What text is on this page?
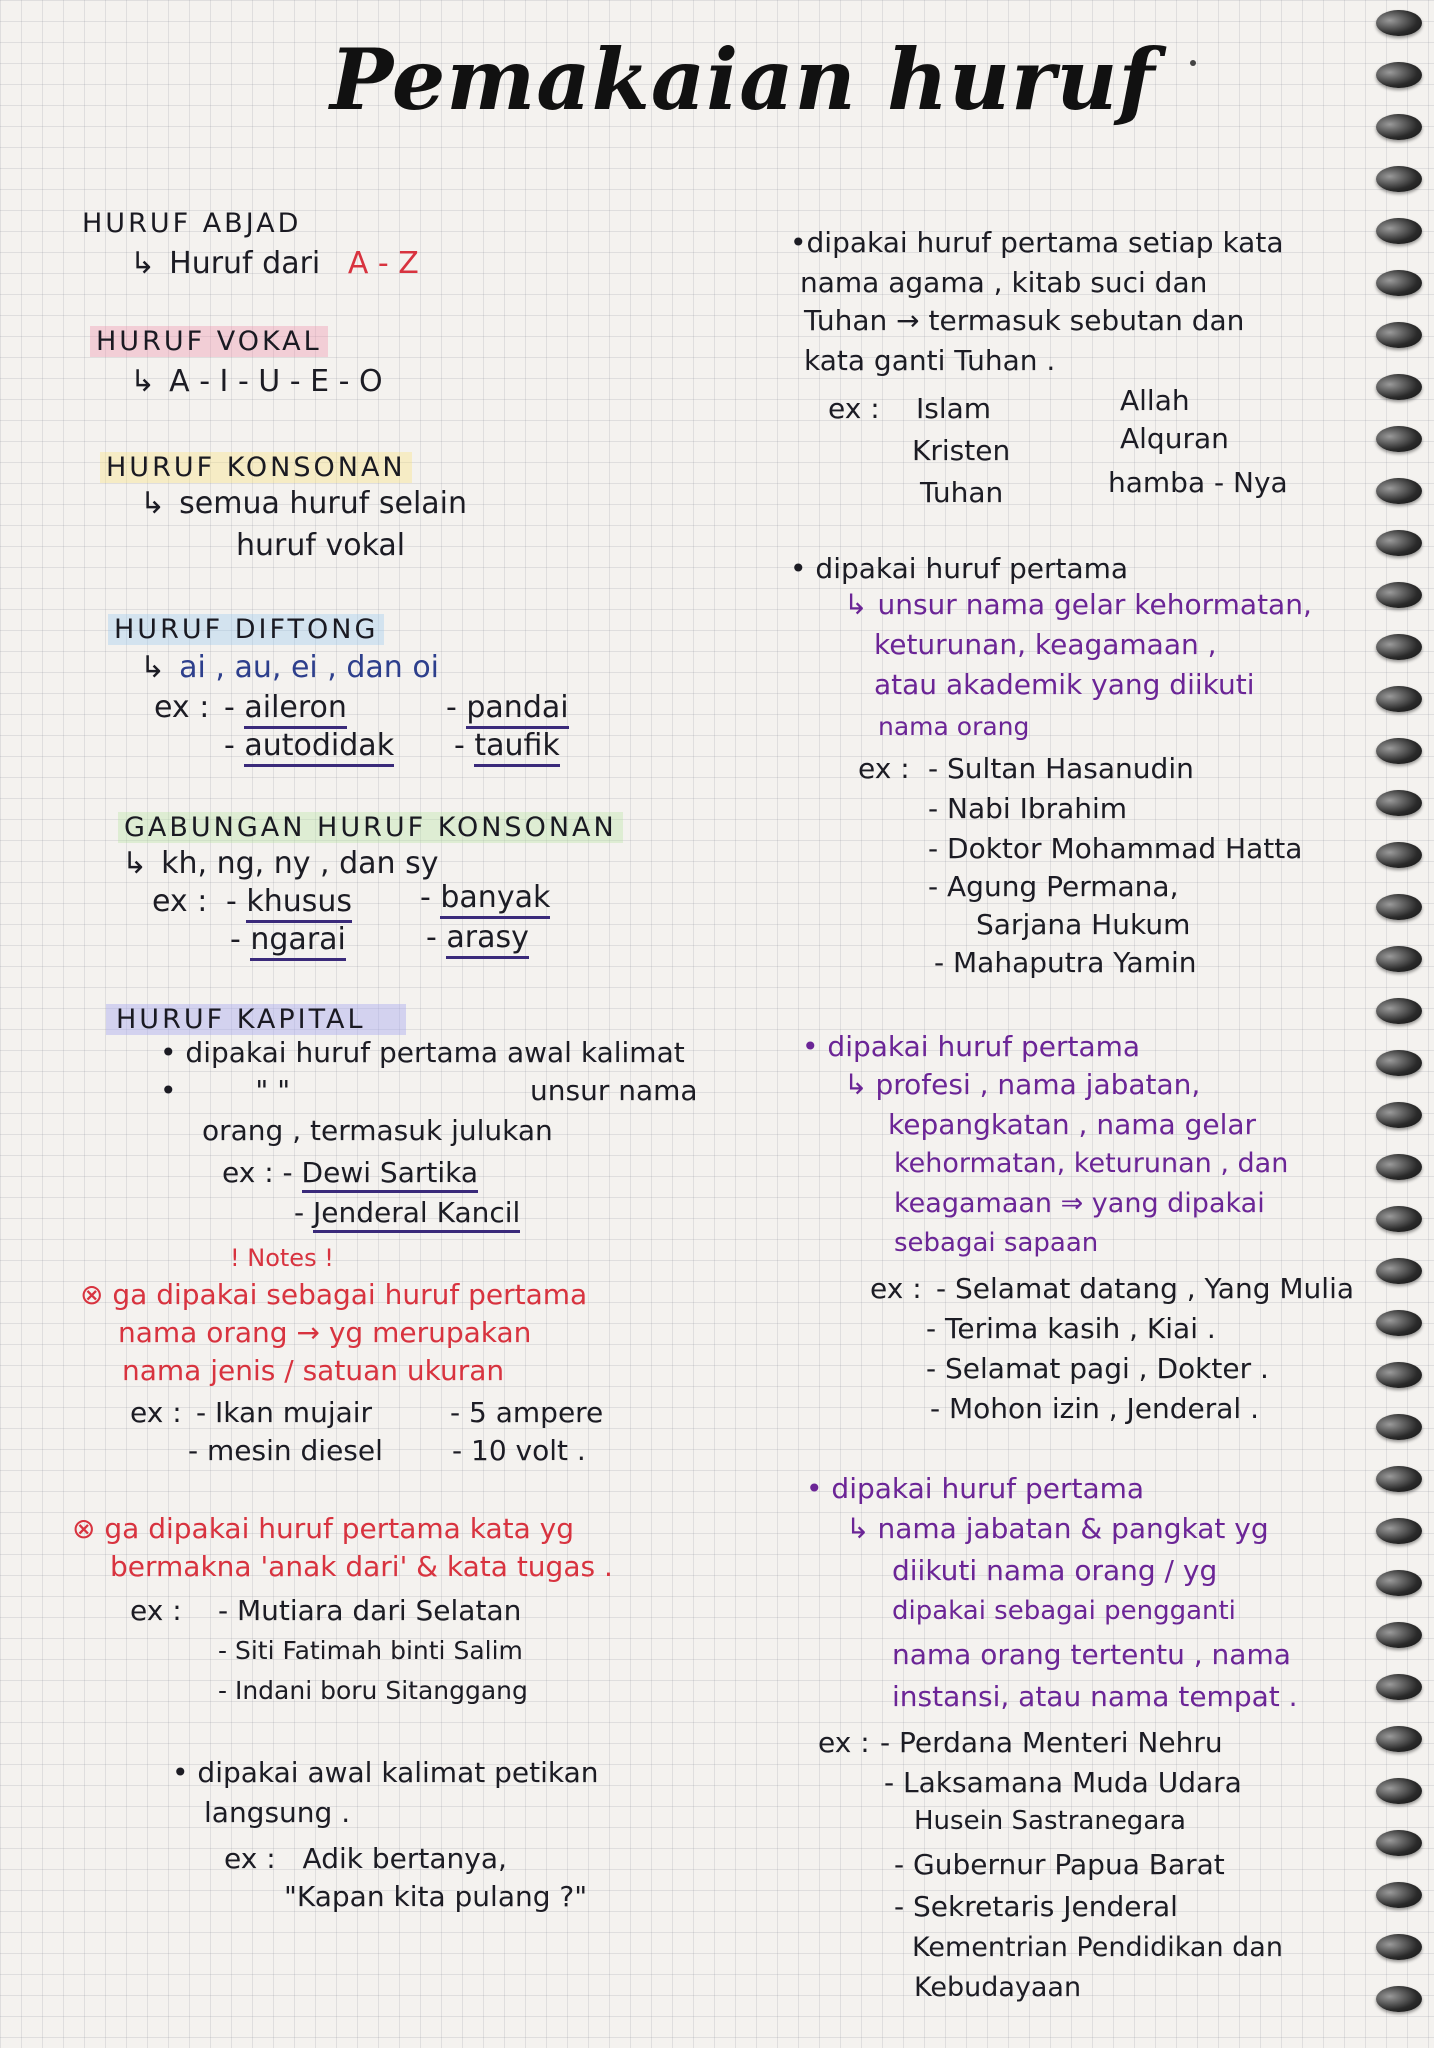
Pemakaian huruf
HURUF ABJAD
↳ Huruf dari A - Z
HURUF VOKAL
↳ A - I - U - E - O
HURUF KONSONAN
↳ semua huruf selain
huruf vokal
HURUF DIFTONG
↳ ai , au, ei , dan oi
ex : - aileron	- pandai
- autodidak - taufik
GABUNGAN HURUF KONSONAN
↳ kh, ng, ny , dan sy
ex : - khusus - banyak
- ngarai	- arasy
HURUF KAPITAL
• dipakai huruf pertama awal kalimat
•	" "	unsur nama
orang , termasuk julukan
ex : - Dewi Sartika
- Jenderal Kancil
! Notes !
⊗ ga dipakai sebagai huruf pertama
nama orang → yg merupakan
nama jenis / satuan ukuran
ex : - Ikan mujair	- 5 ampere
- mesin diesel - 10 volt .
⊗ ga dipakai huruf pertama kata yg
bermakna 'anak dari' & kata tugas .
ex : - Mutiara dari Selatan
- Siti Fatimah binti Salim
- Indani boru Sitanggang
• dipakai awal kalimat petikan
langsung .
ex : Adik bertanya,
"Kapan kita pulang ?"
•dipakai huruf pertama setiap kata
nama agama , kitab suci dan
Tuhan → termasuk sebutan dan
kata ganti Tuhan .
ex : Islam	Allah
Kristen	Alquran
Tuhan	hamba - Nya
• dipakai huruf pertama
↳ unsur nama gelar kehormatan,
keturunan, keagamaan ,
atau akademik yang diikuti
nama orang
ex : - Sultan Hasanudin
- Nabi Ibrahim
- Doktor Mohammad Hatta
- Agung Permana,
Sarjana Hukum
- Mahaputra Yamin
• dipakai huruf pertama
↳ profesi , nama jabatan,
kepangkatan , nama gelar
kehormatan, keturunan , dan
keagamaan ⇒ yang dipakai
sebagai sapaan
ex : - Selamat datang , Yang Mulia
- Terima kasih , Kiai .
- Selamat pagi , Dokter .
- Mohon izin , Jenderal .
• dipakai huruf pertama
↳ nama jabatan & pangkat yg
diikuti nama orang / yg
dipakai sebagai pengganti
nama orang tertentu , nama
instansi, atau nama tempat .
ex : - Perdana Menteri Nehru
- Laksamana Muda Udara
Husein Sastranegara
- Gubernur Papua Barat
- Sekretaris Jenderal
Kementrian Pendidikan dan
Kebudayaan
